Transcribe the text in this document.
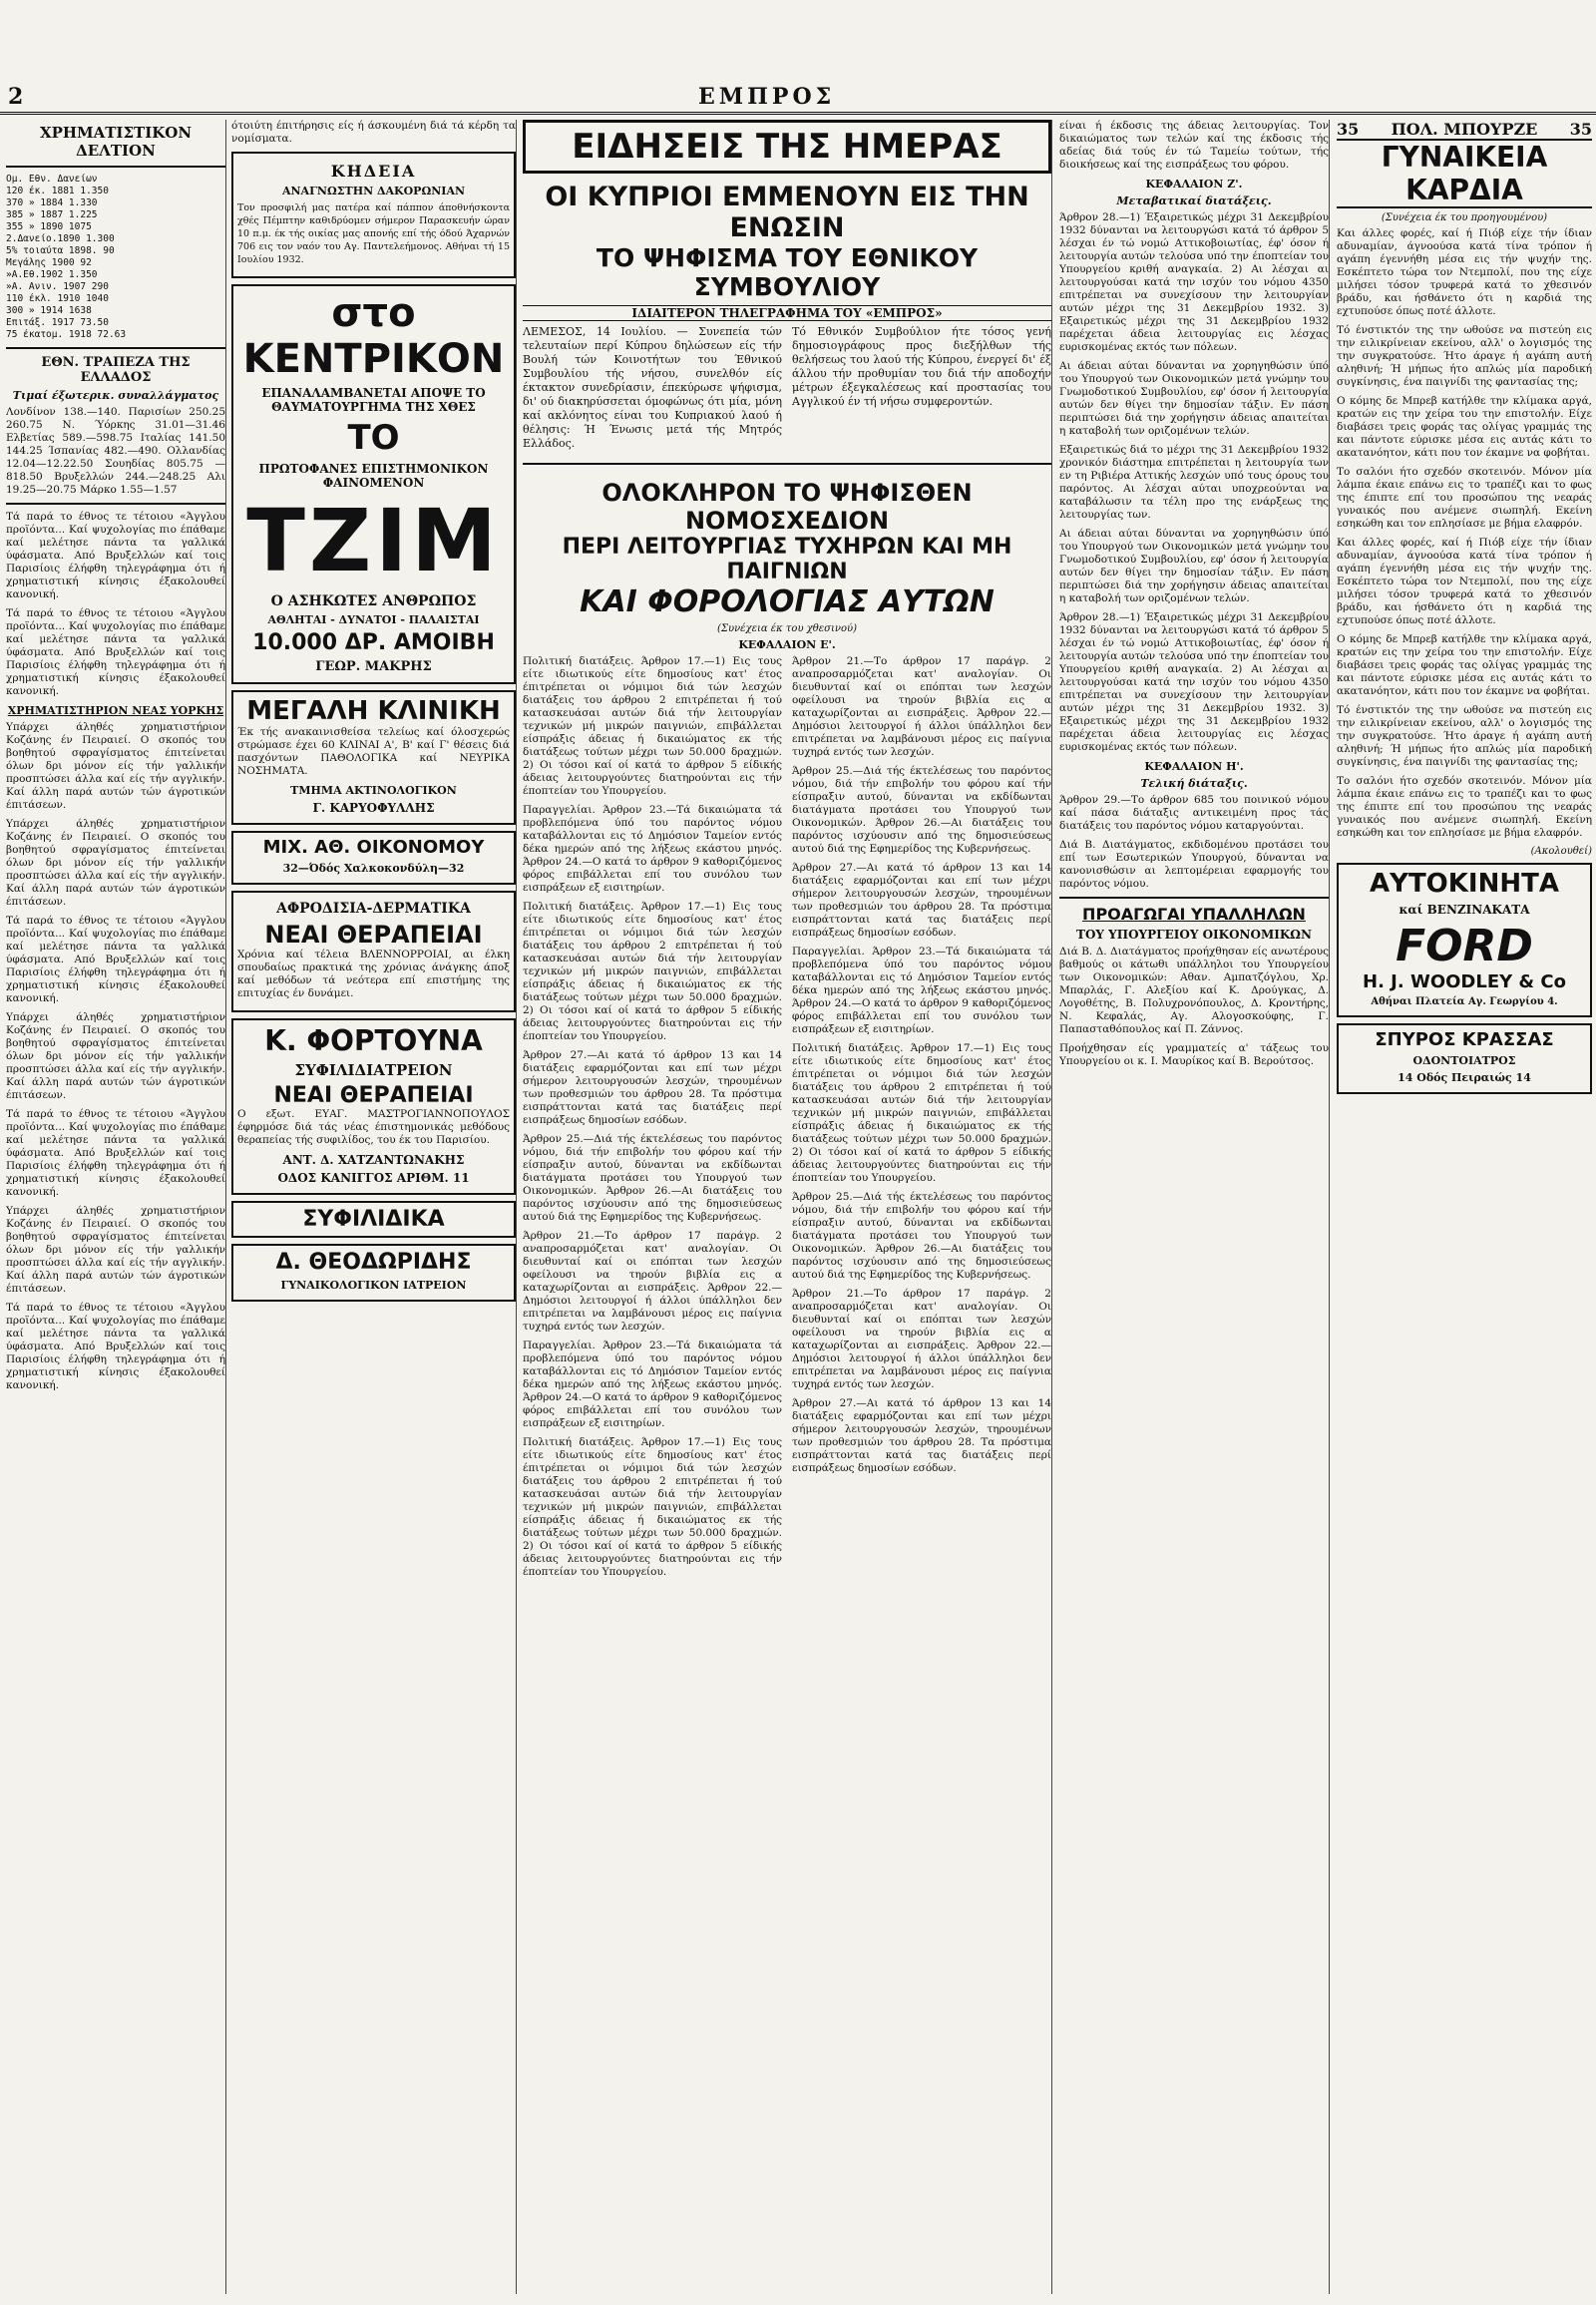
2	ΕΜΠΡΟΣ
ΧΡΗΜΑΤΙΣΤΙΚΟΝ ΔΕΛΤΙΟΝ
Ομ. Εθν. Δανείων
120 έκ. 1881 1.350
370 » 1884 1.330
385 » 1887 1.225
355 » 1890 1075
2.Δανείο.1890 1.300
5% τοιαύτα 1898. 90
Μεγάλης 1900 92
»Α.Εθ.1902 1.350
»Α. Ανιν. 1907 290
110 έκλ. 1910 1040
300 » 1914 1638
Επιτάξ. 1917 73.50
75 έκατομ. 1918 72.63
ΕΘΝ. ΤΡΑΠΕΖΑ ΤΗΣ ΕΛΛΑΔΟΣ
Τιμαί έξωτερικ. συναλλάγματος

Λονδίνον 138.—140. Παρισίων 250.25 260.75 Ν. Ύόρκης 31.01—31.46 Ελβετίας 589.—598.75 Ιταλίας 141.50 144.25 Ίσπανίας 482.—490. Ολλανδίας 12.04—12.22.50 Σουηδίας 805.75 —818.50 Βρυξελλών 244.—248.25 Αλι 19.25—20.75 Μάρκο 1.55—1.57

Τά παρά το έθνος τε τέτοιου «Άγγλου προϊόντα... Καί ψυχολογίας πιο έπάθαμε καί μελέτησε πάντα τα γαλλικά ύφάσματα. Από Βρυξελλών καί τοις Παρισίοις έλήφθη τηλεγράφημα ότι ή χρηματιστική κίνησις έξακολουθεί κανονική.

Τά παρά το έθνος τε τέτοιου «Άγγλου προϊόντα... Καί ψυχολογίας πιο έπάθαμε καί μελέτησε πάντα τα γαλλικά ύφάσματα. Από Βρυξελλών καί τοις Παρισίοις έλήφθη τηλεγράφημα ότι ή χρηματιστική κίνησις έξακολουθεί κανονική.

ΧΡΗΜΑΤΙΣΤΗΡΙΟΝ ΝΕΑΣ ΥΟΡΚΗΣ

Υπάρχει άληθές χρηματιστήριον Κοζάνης έν Πειραιεί. Ο σκοπός του βοηθητού σφραγίσματος έπιτείνεται όλων δρι μόνον είς τήν γαλλικήν προσπτώσει άλλα καί είς τήν αγγλικήν. Καί άλλη παρά αυτών τών άγροτικών έπιτάσεων.

Υπάρχει άληθές χρηματιστήριον Κοζάνης έν Πειραιεί. Ο σκοπός του βοηθητού σφραγίσματος έπιτείνεται όλων δρι μόνον είς τήν γαλλικήν προσπτώσει άλλα καί είς τήν αγγλικήν. Καί άλλη παρά αυτών τών άγροτικών έπιτάσεων.

Τά παρά το έθνος τε τέτοιου «Άγγλου προϊόντα... Καί ψυχολογίας πιο έπάθαμε καί μελέτησε πάντα τα γαλλικά ύφάσματα. Από Βρυξελλών καί τοις Παρισίοις έλήφθη τηλεγράφημα ότι ή χρηματιστική κίνησις έξακολουθεί κανονική.

Υπάρχει άληθές χρηματιστήριον Κοζάνης έν Πειραιεί. Ο σκοπός του βοηθητού σφραγίσματος έπιτείνεται όλων δρι μόνον είς τήν γαλλικήν προσπτώσει άλλα καί είς τήν αγγλικήν. Καί άλλη παρά αυτών τών άγροτικών έπιτάσεων.

Τά παρά το έθνος τε τέτοιου «Άγγλου προϊόντα... Καί ψυχολογίας πιο έπάθαμε καί μελέτησε πάντα τα γαλλικά ύφάσματα. Από Βρυξελλών καί τοις Παρισίοις έλήφθη τηλεγράφημα ότι ή χρηματιστική κίνησις έξακολουθεί κανονική.

Υπάρχει άληθές χρηματιστήριον Κοζάνης έν Πειραιεί. Ο σκοπός του βοηθητού σφραγίσματος έπιτείνεται όλων δρι μόνον είς τήν γαλλικήν προσπτώσει άλλα καί είς τήν αγγλικήν. Καί άλλη παρά αυτών τών άγροτικών έπιτάσεων.

Τά παρά το έθνος τε τέτοιου «Άγγλου προϊόντα... Καί ψυχολογίας πιο έπάθαμε καί μελέτησε πάντα τα γαλλικά ύφάσματα. Από Βρυξελλών καί τοις Παρισίοις έλήφθη τηλεγράφημα ότι ή χρηματιστική κίνησις έξακολουθεί κανονική.

ότοιύτη έπιτήρησις είς ή άσκουμένη διά τά κέρδη τα νομίσματα.

ΚΗΔΕΙΑ
ΑΝΑΓΝΩΣΤΗΝ ΔΑΚΟΡΩΝΙΑΝ

Τον προσφιλή μας πατέρα καί πάππον άποθνήσκοντα χθές Πέμπτην καθιδρύομεν σήμερον Παρασκευήν ώραν 10 π.μ. έκ τής οικίας μας απονής επί τής όδού Άχαρνών 706 εις τον ναόν του Αγ. Παντελεήμονος. Αθήναι τή 15 Ιουλίου 1932.

στο ΚΕΝΤΡΙΚΟΝ
ΕΠΑΝΑΛΑΜΒΑΝΕΤΑΙ ΑΠΟΨΕ ΤΟ ΘΑΥΜΑΤΟΥΡΓΗΜΑ ΤΗΣ ΧΘΕΣ
ΤΟ
ΠΡΩΤΟΦΑΝΕΣ ΕΠΙΣΤΗΜΟΝΙΚΟΝ ΦΑΙΝΟΜΕΝΟΝ
ΤΖΙΜ
Ο ΑΣΗΚΩΤΕΣ ΑΝΘΡΩΠΟΣ
ΑΘΛΗΤΑΙ - ΔΥΝΑΤΟΙ - ΠΑΛΑΙΣΤΑΙ
10.000 ΔΡ. ΑΜΟΙΒΗ
ΓΕΩΡ. ΜΑΚΡΗΣ
ΜΕΓΑΛΗ ΚΛΙΝΙΚΗ

Έκ τής ανακαινισθείσα τελείως καί όλοσχερώς στρώμασε έχει 60 ΚΛΙΝΑΙ Α', Β' καί Γ' θέσεις διά πασχόντων ΠΑΘΟΛΟΓΙΚΑ καί ΝΕΥΡΙΚΑ ΝΟΣΗΜΑΤΑ.

ΤΜΗΜΑ ΑΚΤΙΝΟΛΟΓΙΚΟΝ
Γ. ΚΑΡΥΟΦΥΛΛΗΣ
ΜΙΧ. ΑΘ. ΟΙΚΟΝΟΜΟΥ
32—Όδός Χαλκοκονδύλη—32
ΑΦΡΟΔΙΣΙΑ-ΔΕΡΜΑΤΙΚΑ
ΝΕΑΙ ΘΕΡΑΠΕΙΑΙ

Χρόνια καί τέλεια ΒΛΕΝΝΟΡΡΟΙΑΙ, αι έλκη σπουδαίως πρακτικά της χρόνιας άνάγκης άποξ καί μεθόδων τά νεότερα επί επιστήμης της επιτυχίας έν δυνάμει.

Κ. ΦΟΡΤΟΥΝΑ
ΣΥΦΙΛΙΔΙΑΤΡΕΙΟΝ
ΝΕΑΙ ΘΕΡΑΠΕΙΑΙ

Ο εξωτ. ΕΥΑΓ. ΜΑΣΤΡΟΓΙΑΝΝΟΠΟΥΛΟΣ έφηρμόσε διά τάς νέας έπιστημονικάς μεθόδους θεραπείας τής συφιλίδος, του έκ του Παρισίου.

ΑΝΤ. Δ. ΧΑΤΖΑΝΤΩΝΑΚΗΣ
ΟΔΟΣ ΚΑΝΙΓΓΟΣ ΑΡΙΘΜ. 11
ΣΥΦΙΛΙΔΙΚΑ
Δ. ΘΕΟΔΩΡΙΔΗΣ
ΓΥΝΑΙΚΟΛΟΓΙΚΟΝ ΙΑΤΡΕΙΟΝ
ΕΙΔΗΣΕΙΣ ΤΗΣ ΗΜΕΡΑΣ
ΟΙ ΚΥΠΡΙΟΙ ΕΜΜΕΝΟΥΝ ΕΙΣ ΤΗΝ ΕΝΩΣΙΝ
ΤΟ ΨΗΦΙΣΜΑ ΤΟΥ ΕΘΝΙΚΟΥ ΣΥΜΒΟΥΛΙΟΥ
ΙΔΙΑΙΤΕΡΟΝ ΤΗΛΕΓΡΑΦΗΜΑ ΤΟΥ «ΕΜΠΡΟΣ»

ΛΕΜΕΣΟΣ, 14 Ιουλίου. — Συνεπεία τών τελευταίων περί Κύπρου δηλώσεων είς τήν Βουλή τών Κοινοτήτων του Έθνικού Συμβουλίου τής νήσου, συνελθόν είς έκτακτον συνεδρίασιν, έπεκύρωσε ψήφισμα, δι' ού διακηρύσσεται όμοφώνως ότι μία, μόνη καί ακλόνητος είναι του Κυπριακού λαού ή θέλησις: Ή Ένωσις μετά τής Μητρός Ελλάδος.

Τό Εθνικόν Συμβούλιον ήτε τόσος γενή δημοσιογράφους προς διεξήλθων τής θελήσεως του λαού τής Κύπρου, ένεργεί δι' έξ άλλου τήν προθυμίαν του διά τήν αποδοχήν μέτρων έξεγκαλέσεως καί προστασίας του Αγγλικού έν τή νήσω συμφεροντών.

ΟΛΟΚΛΗΡΟΝ ΤΟ ΨΗΦΙΣΘΕΝ ΝΟΜΟΣΧΕΔΙΟΝ
ΠΕΡΙ ΛΕΙΤΟΥΡΓΙΑΣ ΤΥΧΗΡΩΝ ΚΑΙ ΜΗ ΠΑΙΓΝΙΩΝ
ΚΑΙ ΦΟΡΟΛΟΓΙΑΣ ΑΥΤΩΝ
(Συνέχεια έκ του χθεσινού)
ΚΕΦΑΛΑΙΟΝ Ε'.

Πολιτική διατάξεις. Άρθρον 17.—1) Εις τους είτε ιδιωτικούς είτε δημοσίους κατ' έτος έπιτρέπεται οι νόμιμοι διά τών λεσχών διατάξεις του άρθρου 2 επιτρέπεται ή τού κατασκευάσαι αυτών διά τήν λειτουργίαν τεχνικών μή μικρών παιγνιών, επιβάλλεται είσπράξις άδειας ή δικαιώματος εκ τής διατάξεως τούτων μέχρι των 50.000 δραχμών. 2) Οι τόσοι καί οί κατά το άρθρον 5 είδικής άδειας λειτουργούντες διατηρούνται εις τήν έποπτείαν του Υπουργείου.

Παραγγελίαι. Άρθρον 23.—Τά δικαιώματα τά προβλεπόμενα ύπό του παρόντος νόμου καταβάλλονται εις τό Δημόσιον Ταμείον εντός δέκα ημερών από της λήξεως εκάστου μηνός. Άρθρον 24.—Ο κατά το άρθρον 9 καθοριζόμενος φόρος επιβάλλεται επί του συνόλου των εισπράξεων εξ εισιτηρίων.

Πολιτική διατάξεις. Άρθρον 17.—1) Εις τους είτε ιδιωτικούς είτε δημοσίους κατ' έτος έπιτρέπεται οι νόμιμοι διά τών λεσχών διατάξεις του άρθρου 2 επιτρέπεται ή τού κατασκευάσαι αυτών διά τήν λειτουργίαν τεχνικών μή μικρών παιγνιών, επιβάλλεται είσπράξις άδειας ή δικαιώματος εκ τής διατάξεως τούτων μέχρι των 50.000 δραχμών. 2) Οι τόσοι καί οί κατά το άρθρον 5 είδικής άδειας λειτουργούντες διατηρούνται εις τήν έποπτείαν του Υπουργείου.

Άρθρον 27.—Αι κατά τό άρθρον 13 και 14 διατάξεις εφαρμόζονται και επί των μέχρι σήμερον λειτουργουσών λεσχών, τηρουμένων των προθεσμιών του άρθρου 28. Τα πρόστιμα εισπράττονται κατά τας διατάξεις περί εισπράξεως δημοσίων εσόδων.

Άρθρον 25.—Διά τής έκτελέσεως του παρόντος νόμου, διά τήν επιβολήν του φόρου καί τήν είσπραξιν αυτού, δύνανται να εκδίδωνται διατάγματα προτάσει του Υπουργού των Οικονομικών. Άρθρον 26.—Αι διατάξεις του παρόντος ισχύουσιν από της δημοσιεύσεως αυτού διά της Εφημερίδος της Κυβερνήσεως.

Άρθρον 21.—Το άρθρον 17 παράγρ. 2 αναπροσαρμόζεται κατ' αναλογίαν. Οι διευθυνταί καί οι επόπται των λεσχών οφείλουσι να τηρούν βιβλία εις α καταχωρίζονται αι εισπράξεις. Άρθρον 22.—Δημόσιοι λειτουργοί ή άλλοι ύπάλληλοι δεν επιτρέπεται να λαμβάνουσι μέρος εις παίγνια τυχηρά εντός των λεσχών.

Παραγγελίαι. Άρθρον 23.—Τά δικαιώματα τά προβλεπόμενα ύπό του παρόντος νόμου καταβάλλονται εις τό Δημόσιον Ταμείον εντός δέκα ημερών από της λήξεως εκάστου μηνός. Άρθρον 24.—Ο κατά το άρθρον 9 καθοριζόμενος φόρος επιβάλλεται επί του συνόλου των εισπράξεων εξ εισιτηρίων.

Πολιτική διατάξεις. Άρθρον 17.—1) Εις τους είτε ιδιωτικούς είτε δημοσίους κατ' έτος έπιτρέπεται οι νόμιμοι διά τών λεσχών διατάξεις του άρθρου 2 επιτρέπεται ή τού κατασκευάσαι αυτών διά τήν λειτουργίαν τεχνικών μή μικρών παιγνιών, επιβάλλεται είσπράξις άδειας ή δικαιώματος εκ τής διατάξεως τούτων μέχρι των 50.000 δραχμών. 2) Οι τόσοι καί οί κατά το άρθρον 5 είδικής άδειας λειτουργούντες διατηρούνται εις τήν έποπτείαν του Υπουργείου.

Άρθρον 21.—Το άρθρον 17 παράγρ. 2 αναπροσαρμόζεται κατ' αναλογίαν. Οι διευθυνταί καί οι επόπται των λεσχών οφείλουσι να τηρούν βιβλία εις α καταχωρίζονται αι εισπράξεις. Άρθρον 22.—Δημόσιοι λειτουργοί ή άλλοι ύπάλληλοι δεν επιτρέπεται να λαμβάνουσι μέρος εις παίγνια τυχηρά εντός των λεσχών.

Άρθρον 25.—Διά τής έκτελέσεως του παρόντος νόμου, διά τήν επιβολήν του φόρου καί τήν είσπραξιν αυτού, δύνανται να εκδίδωνται διατάγματα προτάσει του Υπουργού των Οικονομικών. Άρθρον 26.—Αι διατάξεις του παρόντος ισχύουσιν από της δημοσιεύσεως αυτού διά της Εφημερίδος της Κυβερνήσεως.

Άρθρον 27.—Αι κατά τό άρθρον 13 και 14 διατάξεις εφαρμόζονται και επί των μέχρι σήμερον λειτουργουσών λεσχών, τηρουμένων των προθεσμιών του άρθρου 28. Τα πρόστιμα εισπράττονται κατά τας διατάξεις περί εισπράξεως δημοσίων εσόδων.

Παραγγελίαι. Άρθρον 23.—Τά δικαιώματα τά προβλεπόμενα ύπό του παρόντος νόμου καταβάλλονται εις τό Δημόσιον Ταμείον εντός δέκα ημερών από της λήξεως εκάστου μηνός. Άρθρον 24.—Ο κατά το άρθρον 9 καθοριζόμενος φόρος επιβάλλεται επί του συνόλου των εισπράξεων εξ εισιτηρίων.

Πολιτική διατάξεις. Άρθρον 17.—1) Εις τους είτε ιδιωτικούς είτε δημοσίους κατ' έτος έπιτρέπεται οι νόμιμοι διά τών λεσχών διατάξεις του άρθρου 2 επιτρέπεται ή τού κατασκευάσαι αυτών διά τήν λειτουργίαν τεχνικών μή μικρών παιγνιών, επιβάλλεται είσπράξις άδειας ή δικαιώματος εκ τής διατάξεως τούτων μέχρι των 50.000 δραχμών. 2) Οι τόσοι καί οί κατά το άρθρον 5 είδικής άδειας λειτουργούντες διατηρούνται εις τήν έποπτείαν του Υπουργείου.

Άρθρον 25.—Διά τής έκτελέσεως του παρόντος νόμου, διά τήν επιβολήν του φόρου καί τήν είσπραξιν αυτού, δύνανται να εκδίδωνται διατάγματα προτάσει του Υπουργού των Οικονομικών. Άρθρον 26.—Αι διατάξεις του παρόντος ισχύουσιν από της δημοσιεύσεως αυτού διά της Εφημερίδος της Κυβερνήσεως.

Άρθρον 21.—Το άρθρον 17 παράγρ. 2 αναπροσαρμόζεται κατ' αναλογίαν. Οι διευθυνταί καί οι επόπται των λεσχών οφείλουσι να τηρούν βιβλία εις α καταχωρίζονται αι εισπράξεις. Άρθρον 22.—Δημόσιοι λειτουργοί ή άλλοι ύπάλληλοι δεν επιτρέπεται να λαμβάνουσι μέρος εις παίγνια τυχηρά εντός των λεσχών.

Άρθρον 27.—Αι κατά τό άρθρον 13 και 14 διατάξεις εφαρμόζονται και επί των μέχρι σήμερον λειτουργουσών λεσχών, τηρουμένων των προθεσμιών του άρθρου 28. Τα πρόστιμα εισπράττονται κατά τας διατάξεις περί εισπράξεως δημοσίων εσόδων.

είναι ή έκδοσις της άδειας λειτουργίας. Τον δικαιώματος των τελών καί της έκδοσις τής αδείας διά τούς έν τώ Ταμείω τούτων, τής διοικήσεως καί της εισπράξεως του φόρου.

ΚΕΦΑΛΑΙΟΝ Ζ'.
Μεταβατικαί διατάξεις.

Άρθρον 28.—1) Έξαιρετικώς μέχρι 31 Δεκεμβρίου 1932 δύνανται να λειτουργώσι κατά τό άρθρον 5 λέσχαι έν τώ νομώ Αττικοβοιωτίας, έφ' όσον ή λειτουργία αυτών τελούσα υπό την έποπτείαν του Υπουργείου κριθή αναγκαία. 2) Αι λέσχαι αι λειτουργούσαι κατά την ισχύν του νόμου 4350 επιτρέπεται να συνεχίσουν την λειτουργίαν αυτών μέχρι της 31 Δεκεμβρίου 1932. 3) Εξαιρετικώς μέχρι της 31 Δεκεμβρίου 1932 παρέχεται άδεια λειτουργίας εις λέσχας ευρισκομένας εκτός των πόλεων.

Αι άδειαι αύται δύνανται να χορηγηθώσιν ύπό του Υπουργού των Οικονομικών μετά γνώμην του Γνωμοδοτικού Συμβουλίου, εφ' όσον ή λειτουργία αυτών δεν θίγει την δημοσίαν τάξιν. Εν πάση περιπτώσει διά την χορήγησιν άδειας απαιτείται η καταβολή των οριζομένων τελών.

Εξαιρετικώς διά το μέχρι της 31 Δεκεμβρίου 1932 χρονικόν διάστημα επιτρέπεται η λειτουργία των εν τη Ριβιέρα Αττικής λεσχών υπό τους όρους του παρόντος. Αι λέσχαι αύται υποχρεούνται να καταβάλωσιν τα τέλη προ της ενάρξεως της λειτουργίας των.

Αι άδειαι αύται δύνανται να χορηγηθώσιν ύπό του Υπουργού των Οικονομικών μετά γνώμην του Γνωμοδοτικού Συμβουλίου, εφ' όσον ή λειτουργία αυτών δεν θίγει την δημοσίαν τάξιν. Εν πάση περιπτώσει διά την χορήγησιν άδειας απαιτείται η καταβολή των οριζομένων τελών.

Άρθρον 28.—1) Έξαιρετικώς μέχρι 31 Δεκεμβρίου 1932 δύνανται να λειτουργώσι κατά τό άρθρον 5 λέσχαι έν τώ νομώ Αττικοβοιωτίας, έφ' όσον ή λειτουργία αυτών τελούσα υπό την έποπτείαν του Υπουργείου κριθή αναγκαία. 2) Αι λέσχαι αι λειτουργούσαι κατά την ισχύν του νόμου 4350 επιτρέπεται να συνεχίσουν την λειτουργίαν αυτών μέχρι της 31 Δεκεμβρίου 1932. 3) Εξαιρετικώς μέχρι της 31 Δεκεμβρίου 1932 παρέχεται άδεια λειτουργίας εις λέσχας ευρισκομένας εκτός των πόλεων.

ΚΕΦΑΛΑΙΟΝ Η'.
Τελική διάταξις.

Άρθρον 29.—Το άρθρον 685 του ποινικού νόμου καί πάσα διάταξις αντικειμένη προς τάς διατάξεις του παρόντος νόμου καταργούνται.

Διά Β. Διατάγματος, εκδιδομένου προτάσει του επί των Εσωτερικών Υπουργού, δύνανται να κανονισθώσιν αι λεπτομέρειαι εφαρμογής του παρόντος νόμου.

ΠΡΟΑΓΩΓΑΙ ΥΠΑΛΛΗΛΩΝ
ΤΟΥ ΥΠΟΥΡΓΕΙΟΥ ΟΙΚΟΝΟΜΙΚΩΝ

Διά Β. Δ. Διατάγματος προήχθησαν είς ανωτέρους βαθμούς οι κάτωθι υπάλληλοι του Υπουργείου των Οικονομικών: Αθαν. Αμπατζόγλου, Χρ. Μπαρλάς, Γ. Αλεξίου καί Κ. Δρούγκας, Δ. Λογοθέτης, Β. Πολυχρονόπουλος, Δ. Κροντήρης, Ν. Κεφαλάς, Αγ. Αλογοσκούφης, Γ. Παπασταθόπουλος καί Π. Ζάννος.

Προήχθησαν είς γραμματείς α' τάξεως του Υπουργείου οι κ. Ι. Μαυρίκος καί Β. Βερούτσος.

35 ΠΟΛ. ΜΠΟΥΡΖΕ 35
ΓΥΝΑΙΚΕΙΑ ΚΑΡΔΙΑ
(Συνέχεια έκ του προηγουμένου)

Και άλλες φορές, καί ή Πιόβ είχε τήν ίδιαν αδυναμίαν, άγνοούσα κατά τίνα τρόπον ή αγάπη έγεννήθη μέσα εις τήν ψυχήν της. Εσκέπτετο τώρα τον Ντεμπολί, που της είχε μιλήσει τόσον τρυφερά κατά το χθεσινόν βράδυ, και ήσθάνετο ότι η καρδιά της εχτυπούσε όπως ποτέ άλλοτε.

Τό ένστικτόν της την ωθούσε να πιστεύη εις την ειλικρίνειαν εκείνου, αλλ' ο λογισμός της την συγκρατούσε. Ήτο άραγε ή αγάπη αυτή αληθινή; Ή μήπως ήτο απλώς μία παροδική συγκίνησις, ένα παιγνίδι της φαντασίας της;

Ο κόμης δε Μπρεβ κατήλθε την κλίμακα αργά, κρατών εις την χείρα του την επιστολήν. Είχε διαβάσει τρεις φοράς τας ολίγας γραμμάς της και πάντοτε εύρισκε μέσα εις αυτάς κάτι το ακατανόητον, κάτι που τον έκαμνε να φοβήται.

Το σαλόνι ήτο σχεδόν σκοτεινόν. Μόνον μία λάμπα έκαιε επάνω εις το τραπέζι και το φως της έπιπτε επί του προσώπου της νεαράς γυναικός που ανέμενε σιωπηλή. Εκείνη εσηκώθη και τον επλησίασε με βήμα ελαφρόν.

Και άλλες φορές, καί ή Πιόβ είχε τήν ίδιαν αδυναμίαν, άγνοούσα κατά τίνα τρόπον ή αγάπη έγεννήθη μέσα εις τήν ψυχήν της. Εσκέπτετο τώρα τον Ντεμπολί, που της είχε μιλήσει τόσον τρυφερά κατά το χθεσινόν βράδυ, και ήσθάνετο ότι η καρδιά της εχτυπούσε όπως ποτέ άλλοτε.

Ο κόμης δε Μπρεβ κατήλθε την κλίμακα αργά, κρατών εις την χείρα του την επιστολήν. Είχε διαβάσει τρεις φοράς τας ολίγας γραμμάς της και πάντοτε εύρισκε μέσα εις αυτάς κάτι το ακατανόητον, κάτι που τον έκαμνε να φοβήται.

Τό ένστικτόν της την ωθούσε να πιστεύη εις την ειλικρίνειαν εκείνου, αλλ' ο λογισμός της την συγκρατούσε. Ήτο άραγε ή αγάπη αυτή αληθινή; Ή μήπως ήτο απλώς μία παροδική συγκίνησις, ένα παιγνίδι της φαντασίας της;

Το σαλόνι ήτο σχεδόν σκοτεινόν. Μόνον μία λάμπα έκαιε επάνω εις το τραπέζι και το φως της έπιπτε επί του προσώπου της νεαράς γυναικός που ανέμενε σιωπηλή. Εκείνη εσηκώθη και τον επλησίασε με βήμα ελαφρόν.

(Ακολουθεί)
ΑΥΤΟΚΙΝΗΤΑ
καί ΒΕΝΖΙΝΑΚΑΤΑ
FORD
H. J. WOODLEY & Co
Αθήναι Πλατεία Αγ. Γεωργίου 4.
ΣΠΥΡΟΣ ΚΡΑΣΣΑΣ
ΟΔΟΝΤΟΙΑΤΡΟΣ
14 Οδός Πειραιώς 14
